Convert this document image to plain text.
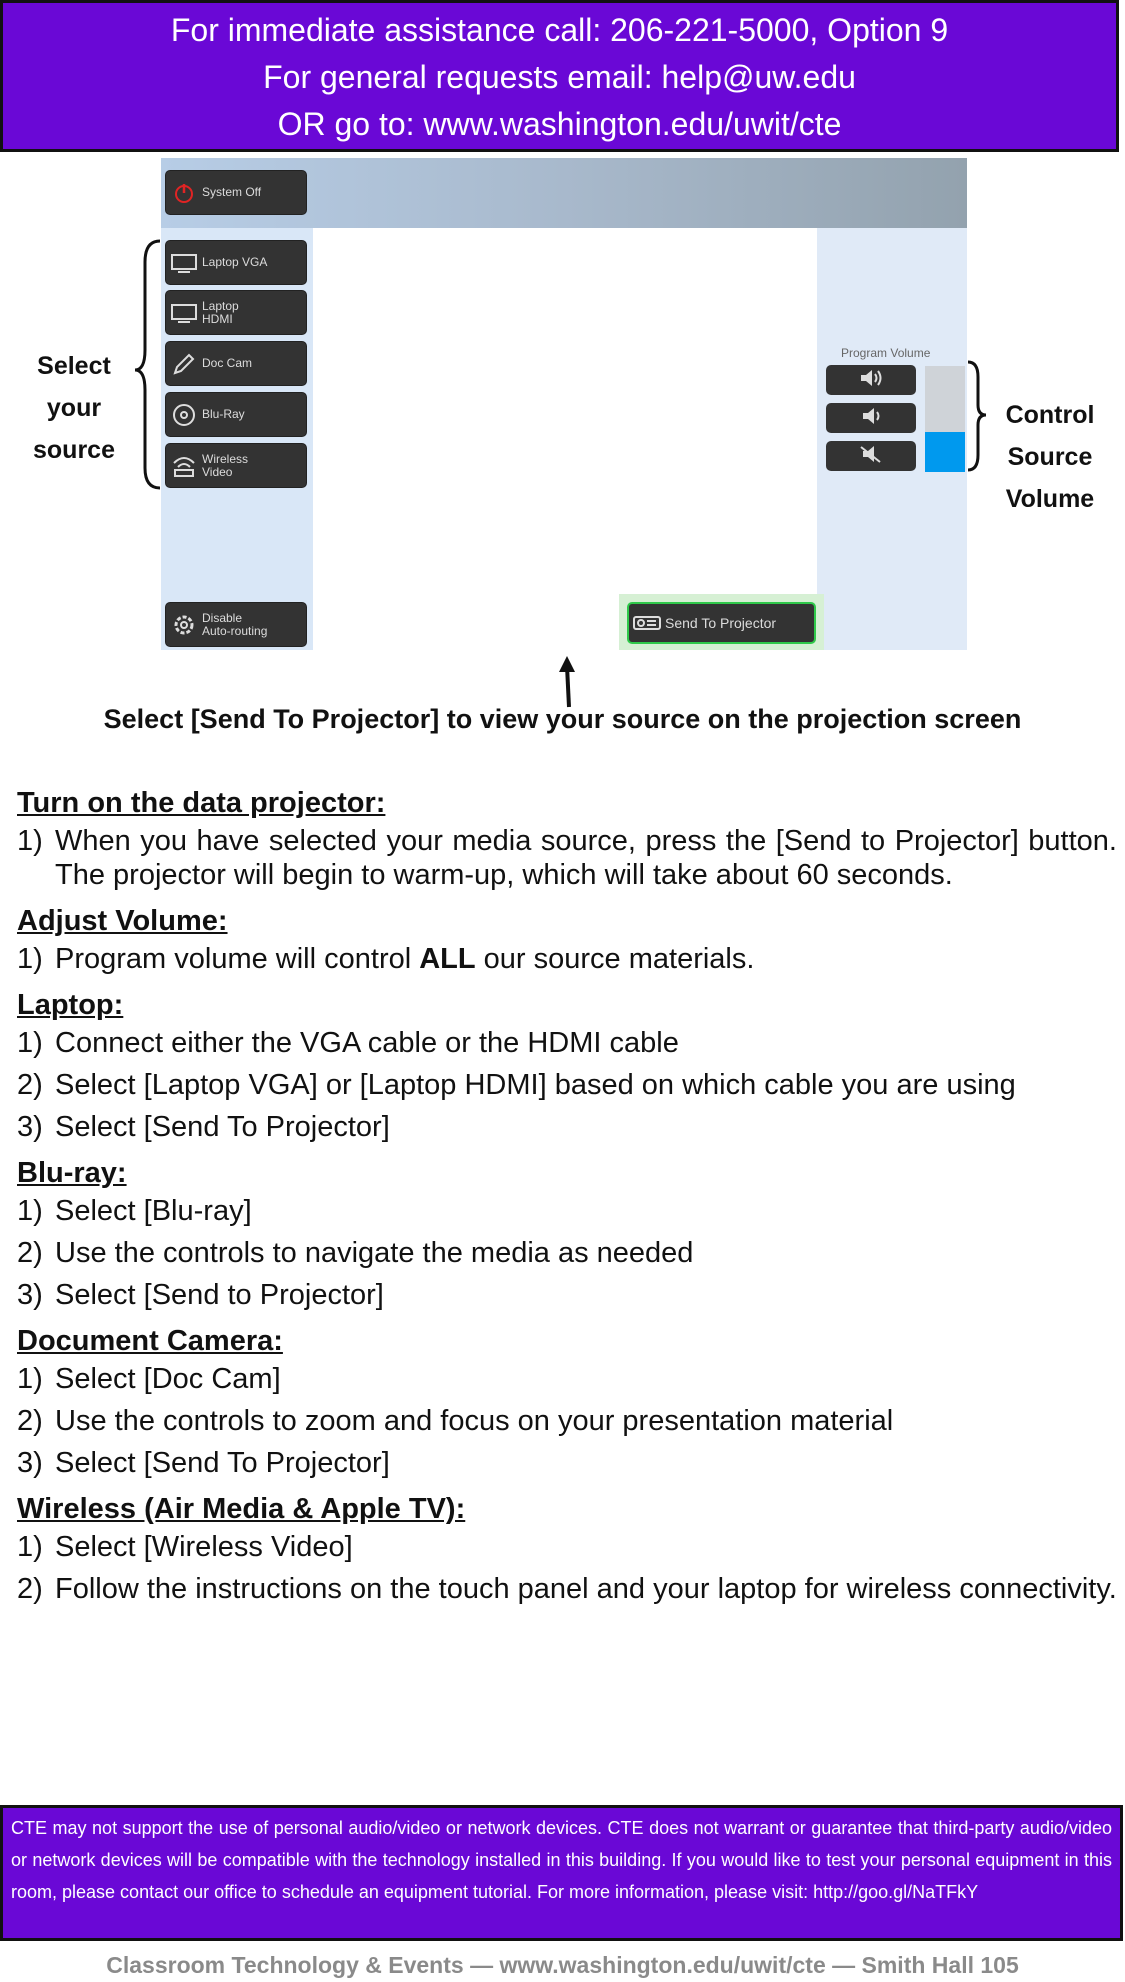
For immediate assistance call: 206-221-5000, Option 9
For general requests email: help@uw.edu
OR go to: www.washington.edu/uwit/cte
System Off
Laptop VGA
Laptop
HDMI
Doc Cam
Blu-Ray
Wireless
Video
Disable
Auto-routing
Program Volume
Send To Projector
Select
your
source
Control
Source
Volume
Select [Send To Projector] to view your source on the projection screen

Turn on the data projector:

1) When you have selected your media source, press the [Send to Projector] button. The projector will begin to warm-up, which will take about 60 seconds.

Adjust Volume:

1) Program volume will control ALL our source materials.

Laptop:

1) Connect either the VGA cable or the HDMI cable
2) Select [Laptop VGA] or [Laptop HDMI] based on which cable you are using
3) Select [Send To Projector]

Blu-ray:

1) Select [Blu-ray]
2) Use the controls to navigate the media as needed
3) Select [Send to Projector]

Document Camera:

1) Select [Doc Cam]
2) Use the controls to zoom and focus on your presentation material
3) Select [Send To Projector]

Wireless (Air Media & Apple TV):

1) Select [Wireless Video]
2) Follow the instructions on the touch panel and your laptop for wireless connectivity.
CTE may not support the use of personal audio/video or network devices. CTE does not warrant or guarantee that third-party audio/video or network devices will be compatible with the technology installed in this building. If you would like to test your personal equipment in this room, please contact our office to schedule an equipment tutorial. For more information, please visit: http://goo.gl/NaTFkY
Classroom Technology & Events — www.washington.edu/uwit/cte — Smith Hall 105
